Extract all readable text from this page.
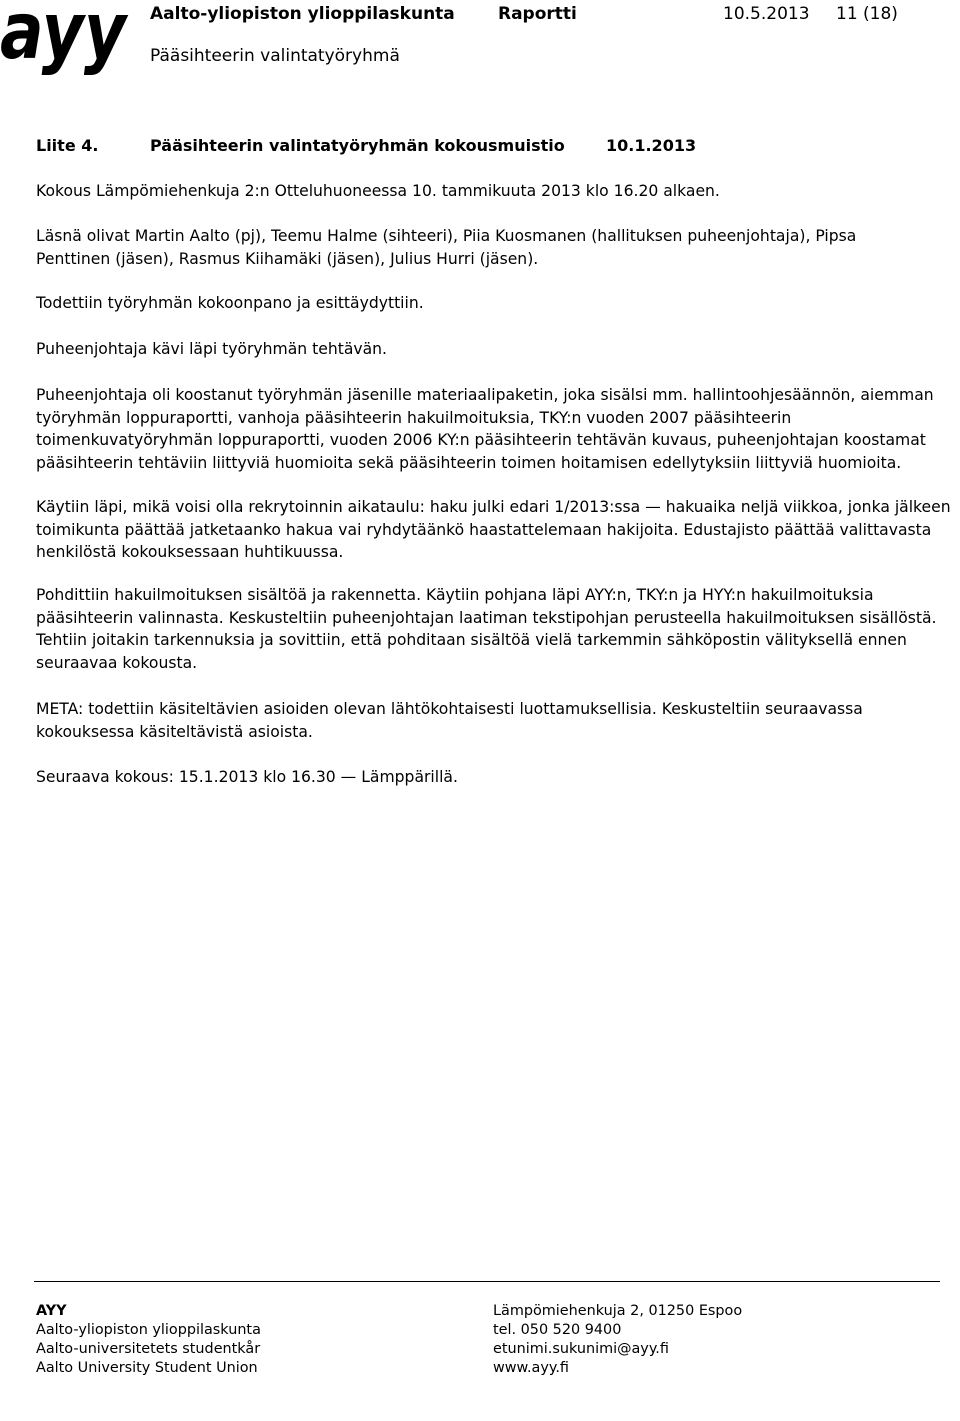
ayy Aalto-yliopiston ylioppilaskunta	Raportti	10.5.2013 11 (18)
Pääsihteerin valintatyöryhmä
Liite 4.	Pääsihteerin valintatyöryhmän kokousmuistio	10.1.2013
Kokous Lämpömiehenkuja 2:n Otteluhuoneessa 10. tammikuuta 2013 klo 16.20 alkaen.
Läsnä olivat Martin Aalto (pj), Teemu Halme (sihteeri), Piia Kuosmanen (hallituksen puheenjohtaja), Pipsa
Penttinen (jäsen), Rasmus Kiihamäki (jäsen), Julius Hurri (jäsen).
Todettiin työryhmän kokoonpano ja esittäydyttiin.
Puheenjohtaja kävi läpi työryhmän tehtävän.
Puheenjohtaja oli koostanut työryhmän jäsenille materiaalipaketin, joka sisälsi mm. hallintoohjesäännön, aiemman
työryhmän loppuraportti, vanhoja pääsihteerin hakuilmoituksia, TKY:n vuoden 2007 pääsihteerin
toimenkuvatyöryhmän loppuraportti, vuoden 2006 KY:n pääsihteerin tehtävän kuvaus, puheenjohtajan koostamat
pääsihteerin tehtäviin liittyviä huomioita sekä pääsihteerin toimen hoitamisen edellytyksiin liittyviä huomioita.
Käytiin läpi, mikä voisi olla rekrytoinnin aikataulu: haku julki edari 1/2013:ssa — hakuaika neljä viikkoa, jonka jälkeen
toimikunta päättää jatketaanko hakua vai ryhdytäänkö haastattelemaan hakijoita. Edustajisto päättää valittavasta
henkilöstä kokouksessaan huhtikuussa.
Pohdittiin hakuilmoituksen sisältöä ja rakennetta. Käytiin pohjana läpi AYY:n, TKY:n ja HYY:n hakuilmoituksia
pääsihteerin valinnasta. Keskusteltiin puheenjohtajan laatiman tekstipohjan perusteella hakuilmoituksen sisällöstä.
Tehtiin joitakin tarkennuksia ja sovittiin, että pohditaan sisältöä vielä tarkemmin sähköpostin välityksellä ennen
seuraavaa kokousta.
META: todettiin käsiteltävien asioiden olevan lähtökohtaisesti luottamuksellisia. Keskusteltiin seuraavassa
kokouksessa käsiteltävistä asioista.
Seuraava kokous: 15.1.2013 klo 16.30 — Lämppärillä.
AYY
Aalto-yliopiston ylioppilaskunta
Aalto-universitetets studentkår
Aalto University Student Union
Lämpömiehenkuja 2, 01250 Espoo
tel. 050 520 9400
etunimi.sukunimi@ayy.fi
www.ayy.fi
